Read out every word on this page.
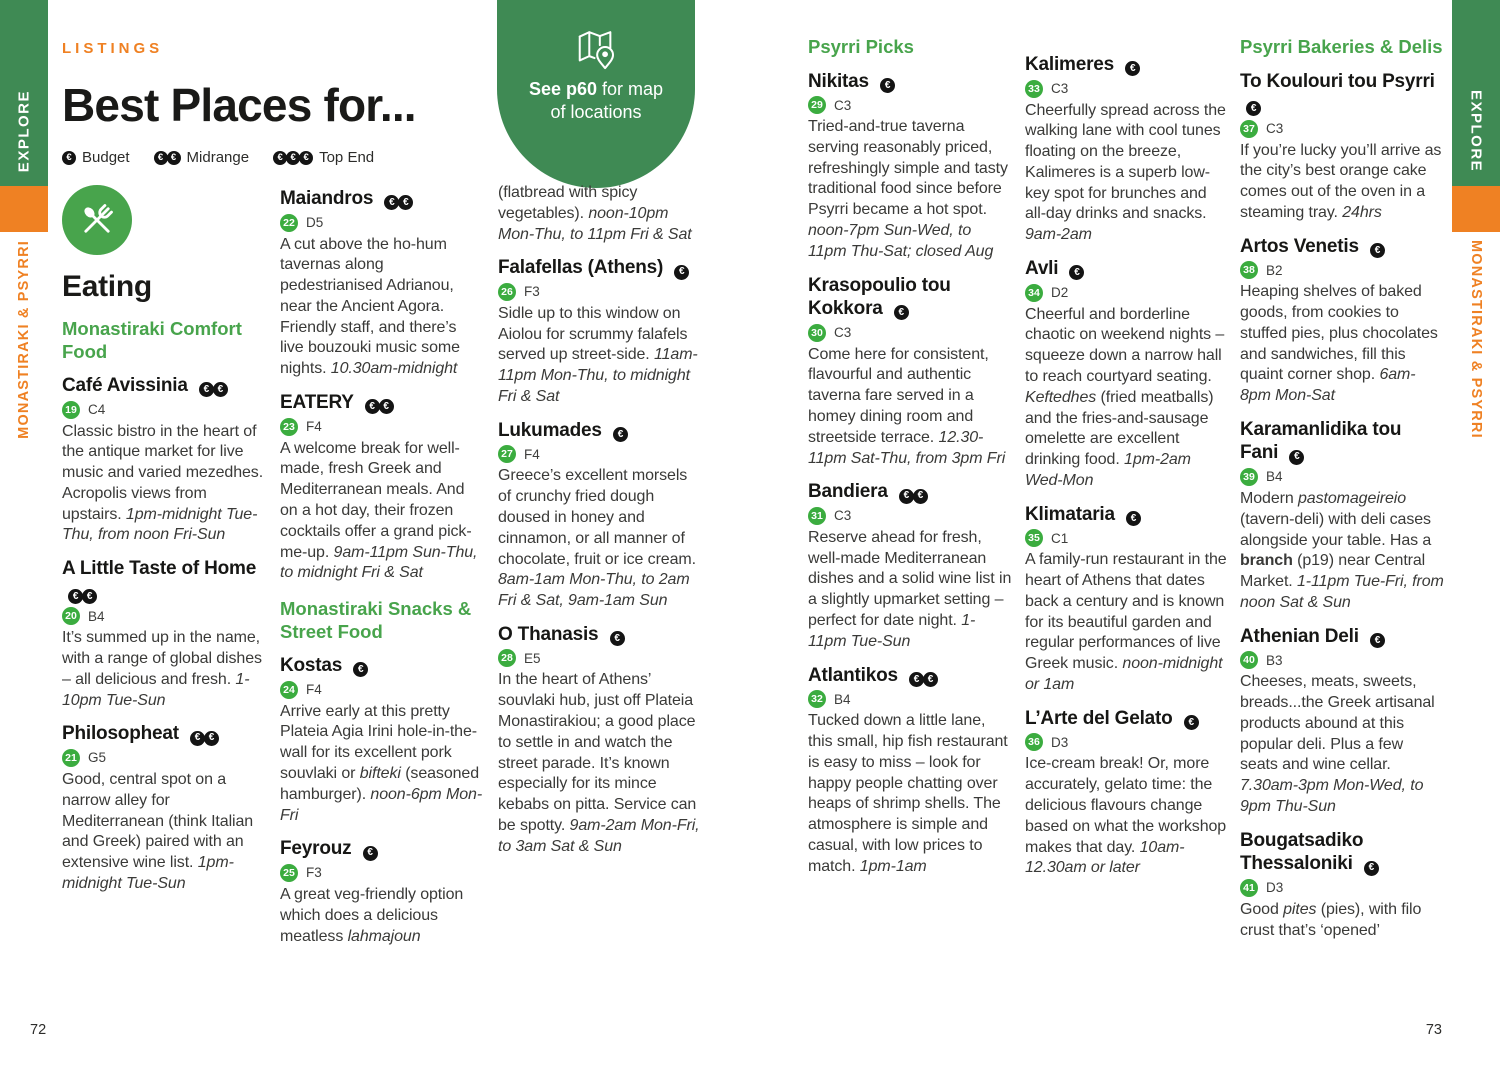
EXPLORE
MONASTIRAKI & PSYRRI
EXPLORE
MONASTIRAKI & PSYRRI
LISTINGS
Best Places for...
€ Budget	€ € Midrange	€ € € Top End
See p60 for map
of locations
Eating
Monastiraki Comfort Food
Café Avissinia	€ €
19 C4

Classic bistro in the heart of the antique market for live music and varied mezedhes. Acropolis views from upstairs. 1pm-midnight Tue-Thu, from noon Fri-Sun

A Little Taste of Home
€ €
20 B4

It’s summed up in the name, with a range of global dishes – all delicious and fresh. 1-10pm Tue-Sun

Philosopheat	€ €
21 G5

Good, central spot on a narrow alley for Mediterranean (think Italian and Greek) paired with an extensive wine list. 1pm-midnight Tue-Sun

Maiandros	€ €
22 D5

A cut above the ho-hum tavernas along pedestrianised Adrianou, near the Ancient Agora. Friendly staff, and there’s live bouzouki music some nights. 10.30am-midnight

EATERY	€ €
23 F4

A welcome break for well-made, fresh Greek and Mediterranean meals. And on a hot day, their frozen cocktails offer a grand pick-me-up. 9am-11pm Sun-Thu, to midnight Fri & Sat

Monastiraki Snacks & Street Food
Kostas	€
24 F4

Arrive early at this pretty Plateia Agia Irini hole-in-the-wall for its excellent pork souvlaki or bifteki (seasoned hamburger). noon-6pm Mon-Fri

Feyrouz	€
25 F3

A great veg-friendly option which does a delicious meatless lahmajoun

(flatbread with spicy vegetables). noon-10pm Mon-Thu, to 11pm Fri & Sat

Falafellas (Athens)	€
26 F3

Sidle up to this window on Aiolou for scrummy falafels served up street-side. 11am-11pm Mon-Thu, to midnight Fri & Sat

Lukumades	€
27 F4

Greece’s excellent morsels of crunchy fried dough doused in honey and cinnamon, or all manner of chocolate, fruit or ice cream. 8am-1am Mon-Thu, to 2am Fri & Sat, 9am-1am Sun

O Thanasis	€
28 E5

In the heart of Athens’ souvlaki hub, just off Plateia Monastirakiou; a good place to settle in and watch the street parade. It’s known especially for its mince kebabs on pitta. Service can be spotty. 9am-2am Mon-Fri, to 3am Sat & Sun

Psyrri Picks
Nikitas	€
29 C3

Tried-and-true taverna serving reasonably priced, refreshingly simple and tasty traditional food since before Psyrri became a hot spot. noon-7pm Sun-Wed, to 11pm Thu-Sat; closed Aug

Krasopoulio tou Kokkora	€
30 C3

Come here for consistent, flavourful and authentic taverna fare served in a homey dining room and streetside terrace. 12.30-11pm Sat-Thu, from 3pm Fri

Bandiera	€ €
31 C3

Reserve ahead for fresh, well-made Mediterranean dishes and a solid wine list in a slightly upmarket setting – perfect for date night. 1-11pm Tue-Sun

Atlantikos	€ €
32 B4

Tucked down a little lane, this small, hip fish restaurant is easy to miss – look for happy people chatting over heaps of shrimp shells. The atmosphere is simple and casual, with low prices to match. 1pm-1am

Kalimeres	€
33 C3

Cheerfully spread across the walking lane with cool tunes floating on the breeze, Kalimeres is a superb low-key spot for brunches and all-day drinks and snacks. 9am-2am

Avli	€
34 D2

Cheerful and borderline chaotic on weekend nights – squeeze down a narrow hall to reach courtyard seating. Keftedhes (fried meatballs) and the fries-and-sausage omelette are excellent drinking food. 1pm-2am Wed-Mon

Klimataria	€
35 C1

A family-run restaurant in the heart of Athens that dates back a century and is known for its beautiful garden and regular performances of live Greek music. noon-midnight or 1am

L’Arte del Gelato	€
36 D3

Ice-cream break! Or, more accurately, gelato time: the delicious flavours change based on what the workshop makes that day. 10am-12.30am or later

Psyrri Bakeries & Delis
To Koulouri tou Psyrri
€
37 C3

If you’re lucky you’ll arrive as the city’s best orange cake comes out of the oven in a steaming tray. 24hrs

Artos Venetis	€
38 B2

Heaping shelves of baked goods, from cookies to stuffed pies, plus chocolates and sandwiches, fill this quaint corner shop. 6am-8pm Mon-Sat

Karamanlidika tou Fani	€
39 B4

Modern pastomageireio (tavern-deli) with deli cases alongside your table. Has a branch (p19) near Central Market. 1-11pm Tue-Fri, from noon Sat & Sun

Athenian Deli	€
40 B3

Cheeses, meats, sweets, breads...the Greek artisanal products abound at this popular deli. Plus a few seats and wine cellar. 7.30am-3pm Mon-Wed, to 9pm Thu-Sun

Bougatsadiko Thessaloniki	€
41 D3

Good pites (pies), with filo crust that’s ‘opened’

72	73
